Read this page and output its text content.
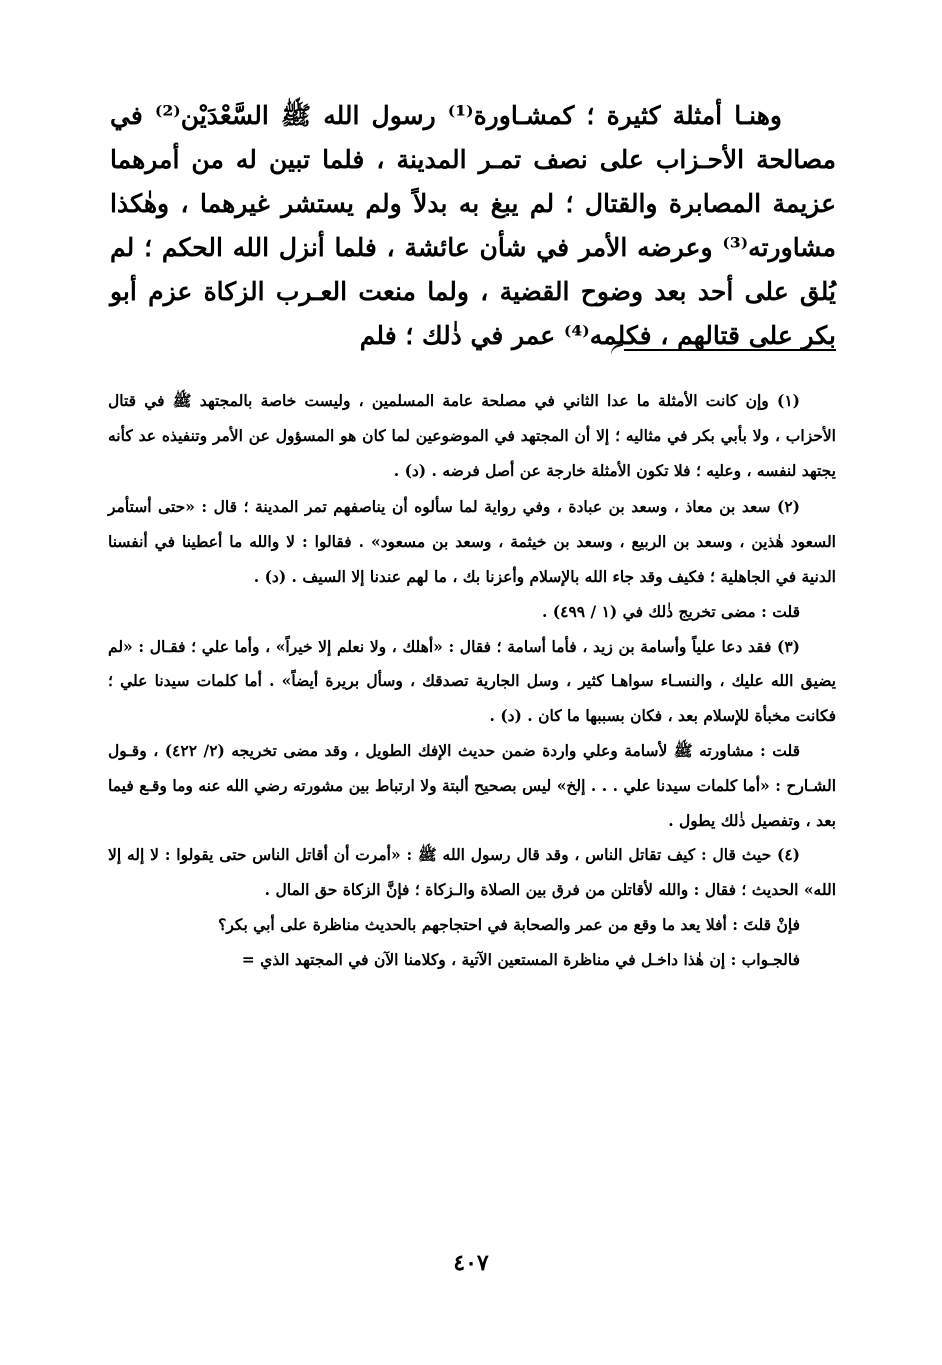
وهنـا أمثلة كثيرة ؛ كمشـاورة⁽¹⁾ رسول الله ﷺ السَّعْدَيْن⁽²⁾ في مصالحة الأحـزاب على نصف تمـر المدينة ، فلما تبين له من أمرهما عزيمة المصابرة والقتال ؛ لم يبغ به بدلاً ولم يستشر غيرهما ، وهٰكذا مشاورته⁽³⁾ وعرضه الأمر في شأن عائشة ، فلما أنزل الله الحكم ؛ لم يُلق على أحد بعد وضوح القضية ، ولما منعت العـرب الزكاة عزم أبو بكر على قتالهم ، فكلمه⁽⁴⁾ عمر في ذٰلك ؛ فلم

(١) وإن كانت الأمثلة ما عدا الثاني في مصلحة عامة المسلمين ، وليست خاصة بالمجتهد ﷺ في قتال الأحزاب ، ولا بأبي بكر في مثاليه ؛ إلا أن المجتهد في الموضوعين لما كان هو المسؤول عن الأمر وتنفيذه عد كأنه يجتهد لنفسه ، وعليه ؛ فلا تكون الأمثلة خارجة عن أصل فرضه . (د) .

(٢) سعد بن معاذ ، وسعد بن عبادة ، وفي رواية لما سألوه أن يناصفهم تمر المدينة ؛ قال : «حتى أستأمر السعود هٰذين ، وسعد بن الربيع ، وسعد بن خيثمة ، وسعد بن مسعود» . فقالوا : لا والله ما أعطينا في أنفسنا الدنية في الجاهلية ؛ فكيف وقد جاء الله بالإسلام وأعزنا بك ، ما لهم عندنا إلا السيف . (د) .

قلت : مضى تخريج ذٰلك في (١ / ٤٩٩) .

(٣) فقد دعا علياً وأسامة بن زيد ، فأما أسامة ؛ فقال : «أهلك ، ولا نعلم إلا خيراً» ، وأما علي ؛ فقـال : «لم يضيق الله عليك ، والنسـاء سواهـا كثير ، وسل الجارية تصدقك ، وسأل بريرة أيضاً» . أما كلمات سيدنا علي ؛ فكانت مخبأة للإسلام بعد ، فكان بسببها ما كان . (د) .

قلت : مشاورته ﷺ لأسامة وعلي واردة ضمن حديث الإفك الطويل ، وقد مضى تخريجه (٢/ ٤٢٢) ، وقـول الشـارح : «أما كلمات سيدنا علي . . . إلخ» ليس بصحيح ألبتة ولا ارتباط بين مشورته رضي الله عنه وما وقـع فيما بعد ، وتفصيل ذٰلك يطول .

(٤) حيث قال : كيف تقاتل الناس ، وقد قال رسول الله ﷺ : «أمرت أن أقاتل الناس حتى يقولوا : لا إله إلا الله» الحديث ؛ فقال : والله لأقاتلن من فرق بين الصلاة والـزكاة ؛ فإنَّ الزكاة حق المال .

فإنْ قلتَ : أفلا يعد ما وقع من عمر والصحابة في احتجاجهم بالحديث مناظرة على أبي بكر؟

فالجـواب : إن هٰذا داخـل في مناظرة المستعين الآتية ، وكلامنا الآن في المجتهد الذي =

٤٠٧
